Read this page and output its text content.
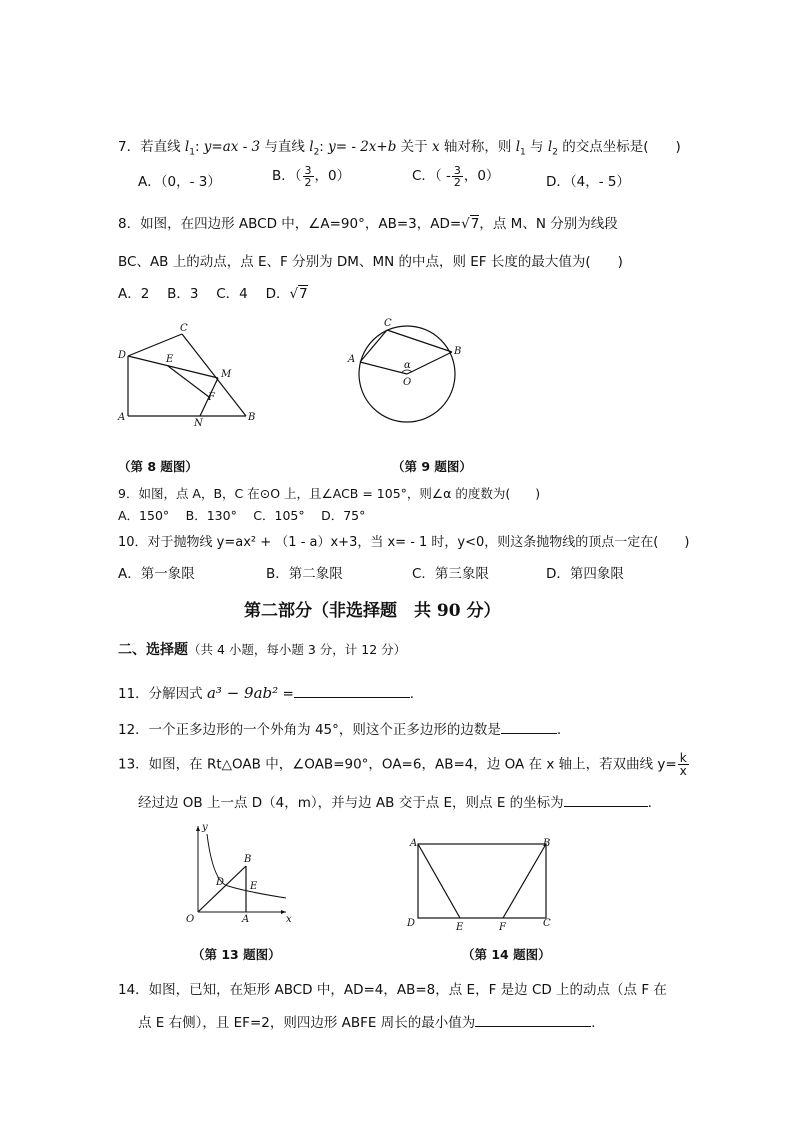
7．若直线 $l_1$: y=ax - 3 与直线 $l_2$: y= - 2x+b 关于 x 轴对称，则 $l_1$ 与 $l_2$ 的交点坐标是(　　)
A．（0，- 3）	B．（ $\frac{3}{2}$ ，0）	C．（ - $\frac{3}{2}$ ，0）	D．（4，- 5）
8．如图，在四边形 ABCD 中，∠A=90°，AB=3，AD=√7，点 M、N 分别为线段
BC、AB 上的动点，点 E、F 分别为 DM、MN 的中点，则 EF 长度的最大值为(　　)
A．2　 B．3　 C．4　 D．√7
C
D	E
M
F
A
N
B
C
A
B
α
O
（第 8 题图）	（第 9 题图）
9．如图，点 A，B，C 在⊙O 上，且∠ACB = 105°，则∠α 的度数为(　　)
A．150°　 B．130°　 C．105°　 D．75°
10．对于抛物线 y=ax² + （1 - a）x+3，当 x= - 1 时，y<0，则这条抛物线的顶点一定在(　　)
A．第一象限	B．第二象限	C．第三象限	D．第四象限
第二部分（非选择题　共 90 分）
二、选择题（共 4 小题，每小题 3 分，计 12 分）
11．分解因式 a³ − 9ab² =	.
12．一个正多边形的一个外角为 45°，则这个正多边形的边数是	.
13．如图，在 Rt△OAB 中，∠OAB=90°，OA=6，AB=4，边 OA 在 x 轴上，若双曲线 $y= \frac{k}{x}$
经过边 OB 上一点 D（4，m），并与边 AB 交于点 E，则点 E 的坐标为	.
y
B
D	E
O	A	x
A	B
D	E	F	C
（第 13 题图）	（第 14 题图）
14．如图，已知，在矩形 ABCD 中，AD=4，AB=8，点 E，F 是边 CD 上的动点（点 F 在
点 E 右侧），且 EF=2，则四边形 ABFE 周长的最小值为	.
